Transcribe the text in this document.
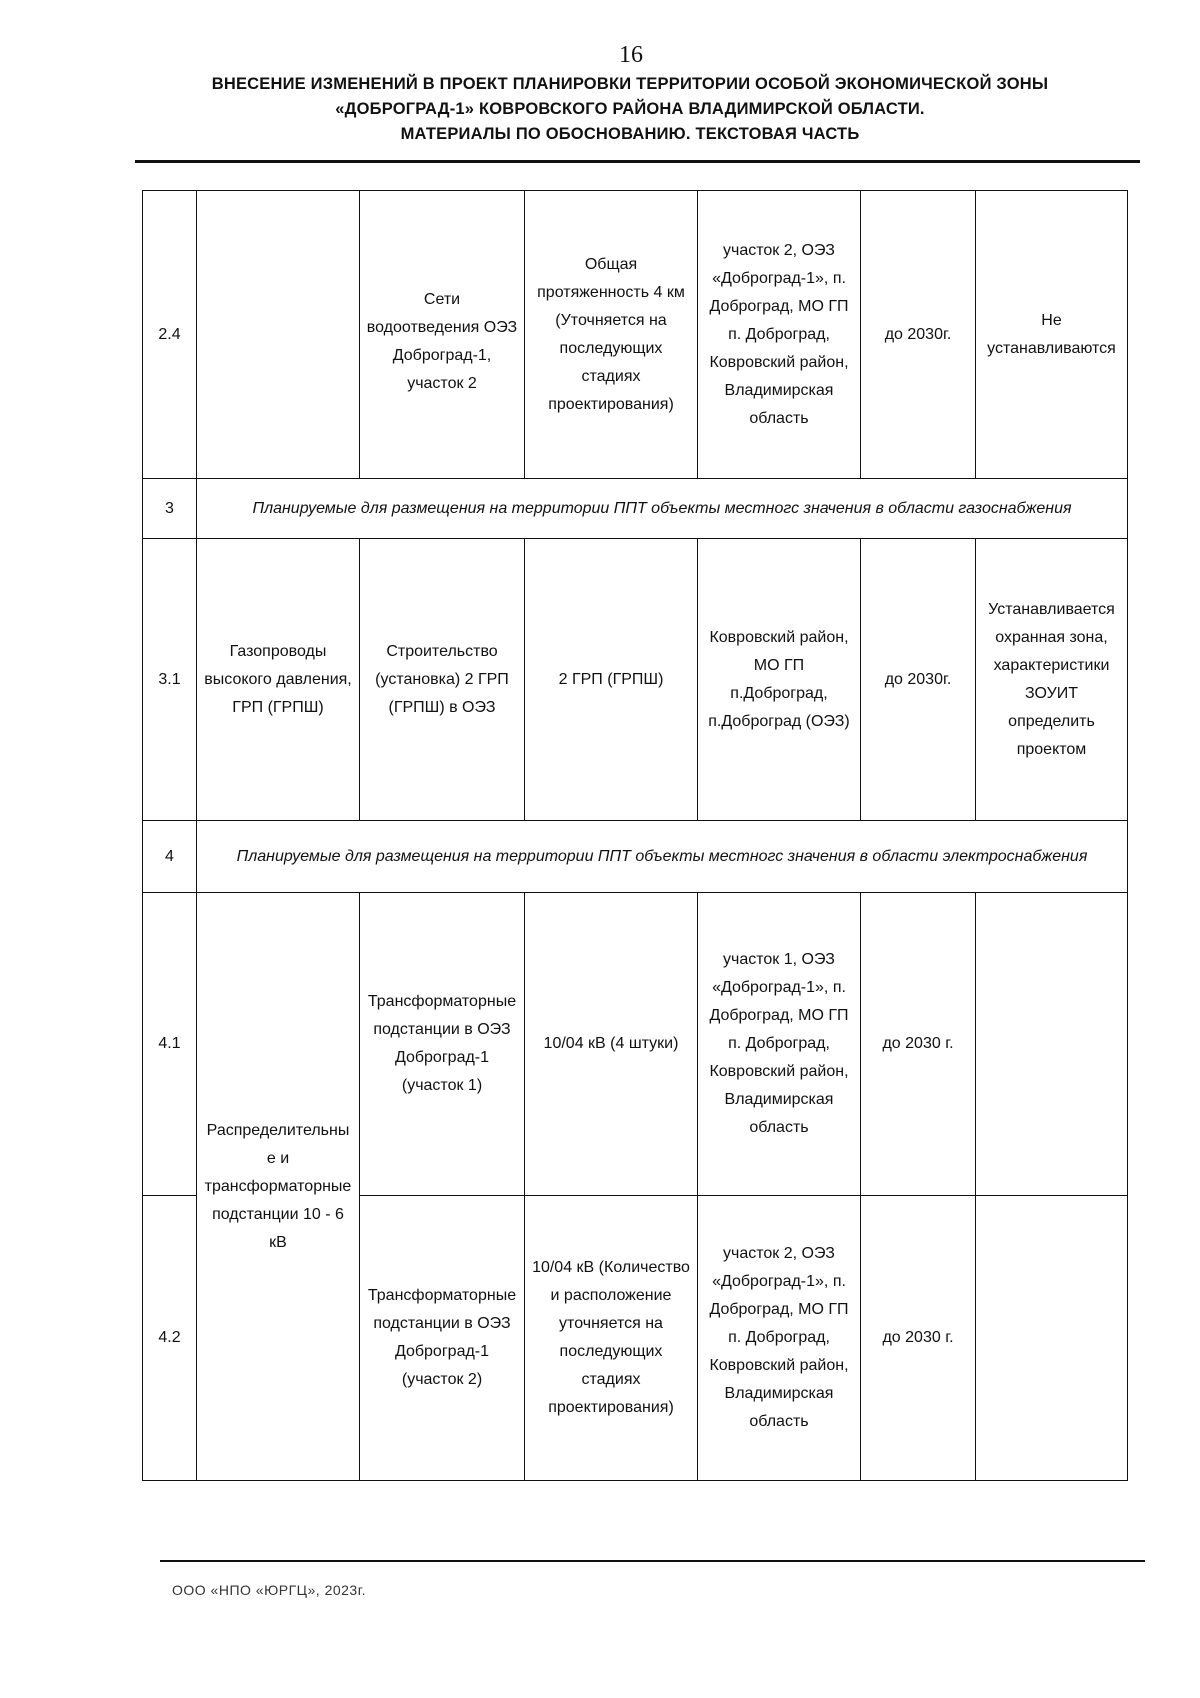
16
ВНЕСЕНИЕ ИЗМЕНЕНИЙ В ПРОЕКТ ПЛАНИРОВКИ ТЕРРИТОРИИ ОСОБОЙ ЭКОНОМИЧЕСКОЙ ЗОНЫ
«ДОБРОГРАД-1» КОВРОВСКОГО РАЙОНА ВЛАДИМИРСКОЙ ОБЛАСТИ.
МАТЕРИАЛЫ ПО ОБОСНОВАНИЮ. ТЕКСТОВАЯ ЧАСТЬ
2.4		Сети водоотведения ОЭЗ Доброград-1, участок 2	Общая протяженность 4 км (Уточняется на последующих стадиях проектирования)	участок 2, ОЭЗ «Доброград-1», п. Доброград, МО ГП п. Доброград, Ковровский район, Владимирская область	до 2030г.	Не устанавливаются
3	Планируемые для размещения на территории ППТ объекты местногс значения в области газоснабжения					
3.1	Газопроводы высокого давления, ГРП (ГРПШ)	Строительство (установка) 2 ГРП (ГРПШ) в ОЭЗ	2 ГРП (ГРПШ)	Ковровский район, МО ГП п.Доброград, п.Доброград (ОЭЗ)	до 2030г.	Устанавливается охранная зона, характеристики ЗОУИТ определить проектом
4	Планируемые для размещения на территории ППТ объекты местногс значения в области электроснабжения					
4.1	Распределительные и трансформаторные подстанции 10 - 6 кВ	Трансформаторные подстанции в ОЭЗ Доброград-1 (участок 1)	10/04 кВ (4 штуки)	участок 1, ОЭЗ «Доброград-1», п. Доброград, МО ГП п. Доброград, Ковровский район, Владимирская область	до 2030 г.	
4.2		Трансформаторные подстанции в ОЭЗ Доброград-1 (участок 2)	10/04 кВ (Количество и расположение уточняется на последующих стадиях проектирования)	участок 2, ОЭЗ «Доброград-1», п. Доброград, МО ГП п. Доброград, Ковровский район, Владимирская область	до 2030 г.	
ООО «НПО «ЮРГЦ», 2023г.
